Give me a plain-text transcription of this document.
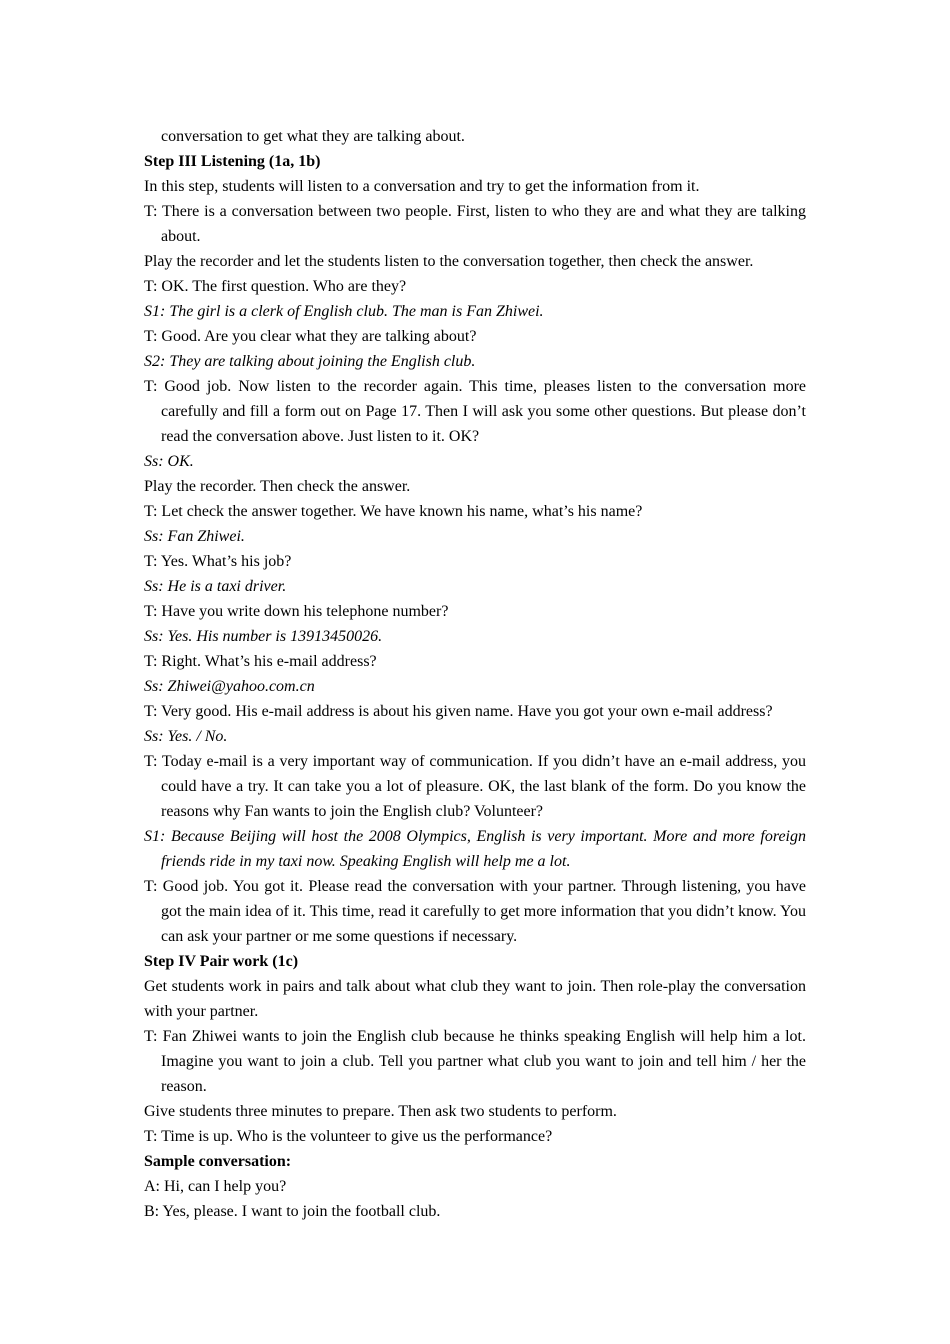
conversation to get what they are talking about.
Step III Listening (1a, 1b)
In this step, students will listen to a conversation and try to get the information from it.
T: There is a conversation between two people. First, listen to who they are and what they are talking about.
Play the recorder and let the students listen to the conversation together, then check the answer.
T: OK. The first question. Who are they?
S1: The girl is a clerk of English club. The man is Fan Zhiwei.
T: Good. Are you clear what they are talking about?
S2: They are talking about joining the English club.
T: Good job. Now listen to the recorder again. This time, pleases listen to the conversation more carefully and fill a form out on Page 17. Then I will ask you some other questions. But please don’t read the conversation above. Just listen to it. OK?
Ss: OK.
Play the recorder. Then check the answer.
T: Let check the answer together. We have known his name, what’s his name?
Ss: Fan Zhiwei.
T: Yes. What’s his job?
Ss: He is a taxi driver.
T: Have you write down his telephone number?
Ss: Yes. His number is 13913450026.
T: Right. What’s his e-mail address?
Ss: Zhiwei@yahoo.com.cn
T: Very good. His e-mail address is about his given name. Have you got your own e-mail address?
Ss: Yes. / No.
T: Today e-mail is a very important way of communication. If you didn’t have an e-mail address, you could have a try. It can take you a lot of pleasure. OK, the last blank of the form. Do you know the reasons why Fan wants to join the English club? Volunteer?
S1: Because Beijing will host the 2008 Olympics, English is very important. More and more foreign friends ride in my taxi now. Speaking English will help me a lot.
T: Good job. You got it. Please read the conversation with your partner. Through listening, you have got the main idea of it. This time, read it carefully to get more information that you didn’t know. You can ask your partner or me some questions if necessary.
Step IV Pair work (1c)
Get students work in pairs and talk about what club they want to join. Then role-play the conversation with your partner.
T: Fan Zhiwei wants to join the English club because he thinks speaking English will help him a lot. Imagine you want to join a club. Tell you partner what club you want to join and tell him / her the reason.
Give students three minutes to prepare. Then ask two students to perform.
T: Time is up. Who is the volunteer to give us the performance?
Sample conversation:
A: Hi, can I help you?
B: Yes, please. I want to join the football club.
